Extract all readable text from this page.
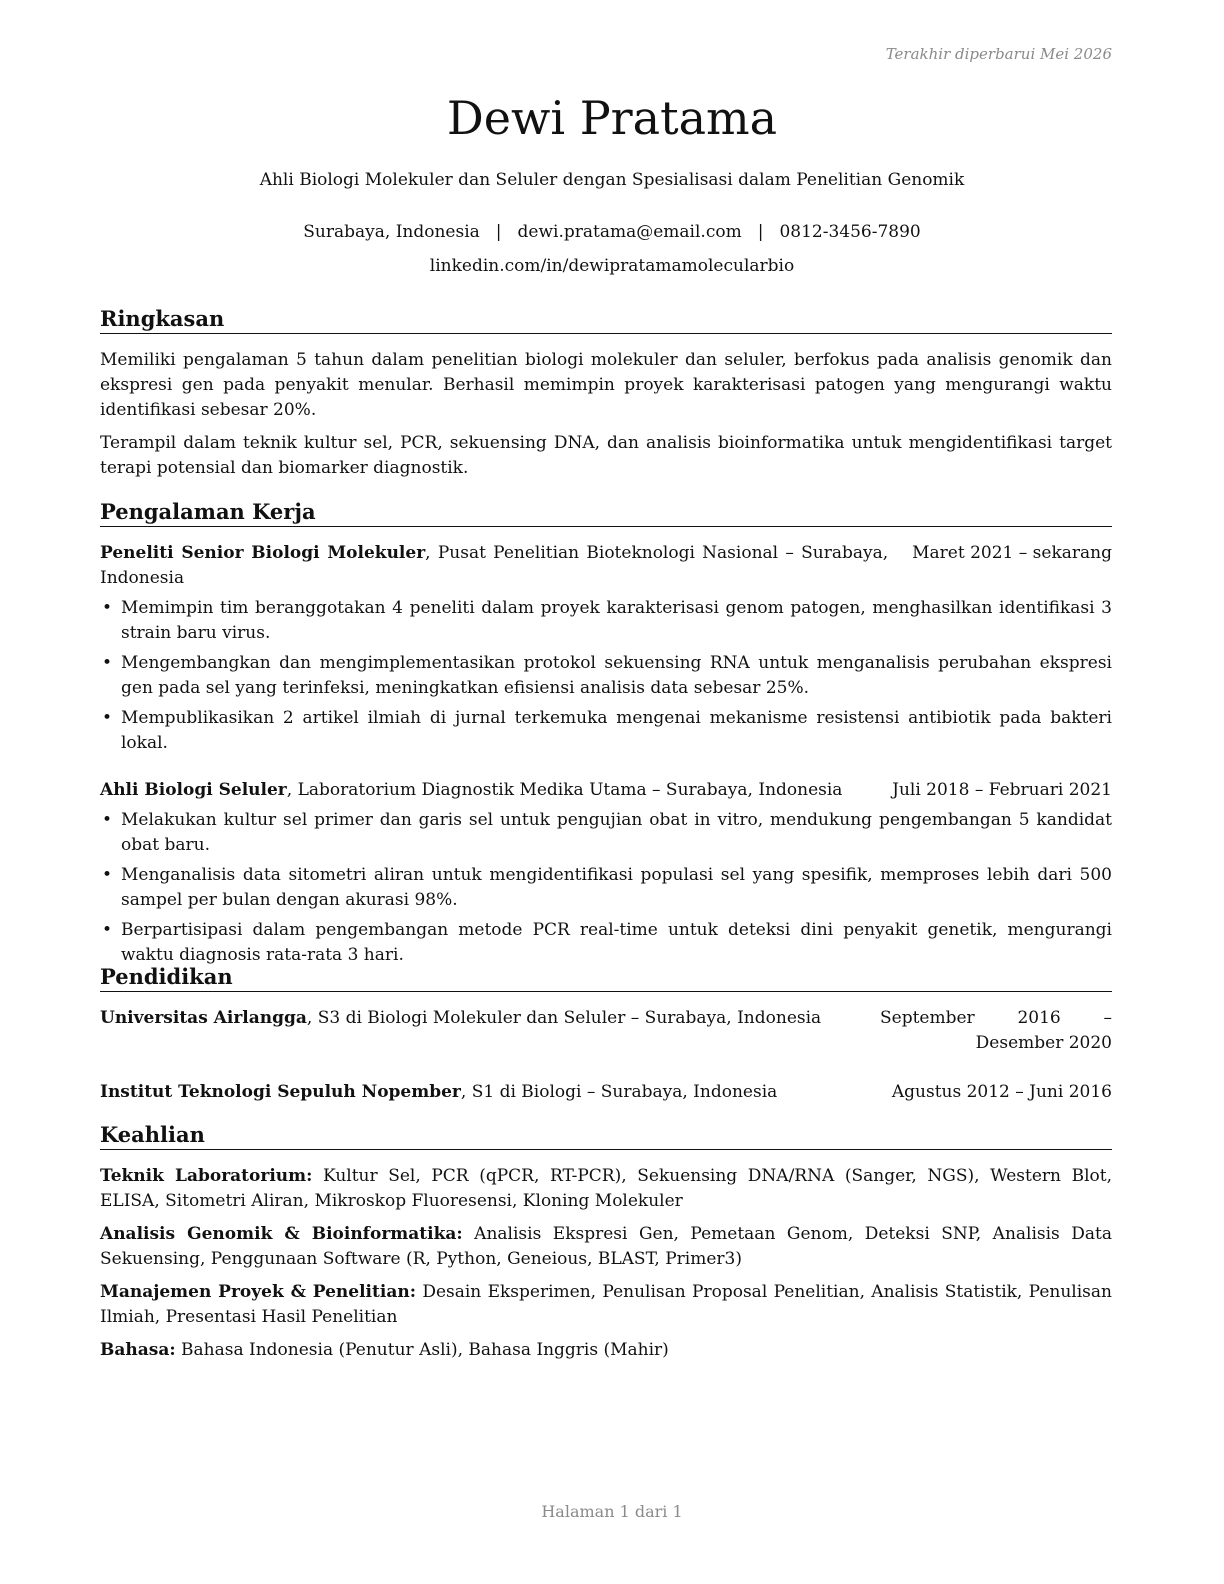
Terakhir diperbarui Mei 2026
Dewi Pratama
Ahli Biologi Molekuler dan Seluler dengan Spesialisasi dalam Penelitian Genomik
Surabaya, Indonesia | dewi.pratama@email.com | 0812-3456-7890
linkedin.com/in/dewipratamamolecularbio
Ringkasan

Memiliki pengalaman 5 tahun dalam penelitian biologi molekuler dan seluler, berfokus pada analisis genomik dan ekspresi gen pada penyakit menular. Berhasil memimpin proyek karakterisasi patogen yang mengurangi waktu identifikasi sebesar 20%.

Terampil dalam teknik kultur sel, PCR, sekuensing DNA, dan analisis bioinformatika untuk mengidentifikasi target terapi potensial dan biomarker diagnostik.

Pengalaman Kerja
Peneliti Senior Biologi Molekuler, Pusat Penelitian Bioteknologi Nasional – Surabaya, Indonesia
Maret 2021 – sekarang
• Memimpin tim beranggotakan 4 peneliti dalam proyek karakterisasi genom patogen, menghasilkan identifikasi 3 strain baru virus.
• Mengembangkan dan mengimplementasikan protokol sekuensing RNA untuk menganalisis perubahan ekspresi gen pada sel yang terinfeksi, meningkatkan efisiensi analisis data sebesar 25%.
• Mempublikasikan 2 artikel ilmiah di jurnal terkemuka mengenai mekanisme resistensi antibiotik pada bakteri lokal.
Ahli Biologi Seluler, Laboratorium Diagnostik Medika Utama – Surabaya, Indonesia	Juli 2018 – Februari 2021
• Melakukan kultur sel primer dan garis sel untuk pengujian obat in vitro, mendukung pengembangan 5 kandidat obat baru.
• Menganalisis data sitometri aliran untuk mengidentifikasi populasi sel yang spesifik, memproses lebih dari 500 sampel per bulan dengan akurasi 98%.
• Berpartisipasi dalam pengembangan metode PCR real-time untuk deteksi dini penyakit genetik, mengurangi waktu diagnosis rata-rata 3 hari.
Pendidikan
Universitas Airlangga, S3 di Biologi Molekuler dan Seluler – Surabaya, Indonesia	September 2016 – Desember 2020
Institut Teknologi Sepuluh Nopember, S1 di Biologi – Surabaya, Indonesia	Agustus 2012 – Juni 2016
Keahlian

Teknik Laboratorium: Kultur Sel, PCR (qPCR, RT-PCR), Sekuensing DNA/RNA (Sanger, NGS), Western Blot, ELISA, Sitometri Aliran, Mikroskop Fluoresensi, Kloning Molekuler

Analisis Genomik & Bioinformatika: Analisis Ekspresi Gen, Pemetaan Genom, Deteksi SNP, Analisis Data Sekuensing, Penggunaan Software (R, Python, Geneious, BLAST, Primer3)

Manajemen Proyek & Penelitian: Desain Eksperimen, Penulisan Proposal Penelitian, Analisis Statistik, Penulisan Ilmiah, Presentasi Hasil Penelitian

Bahasa: Bahasa Indonesia (Penutur Asli), Bahasa Inggris (Mahir)

Halaman 1 dari 1
